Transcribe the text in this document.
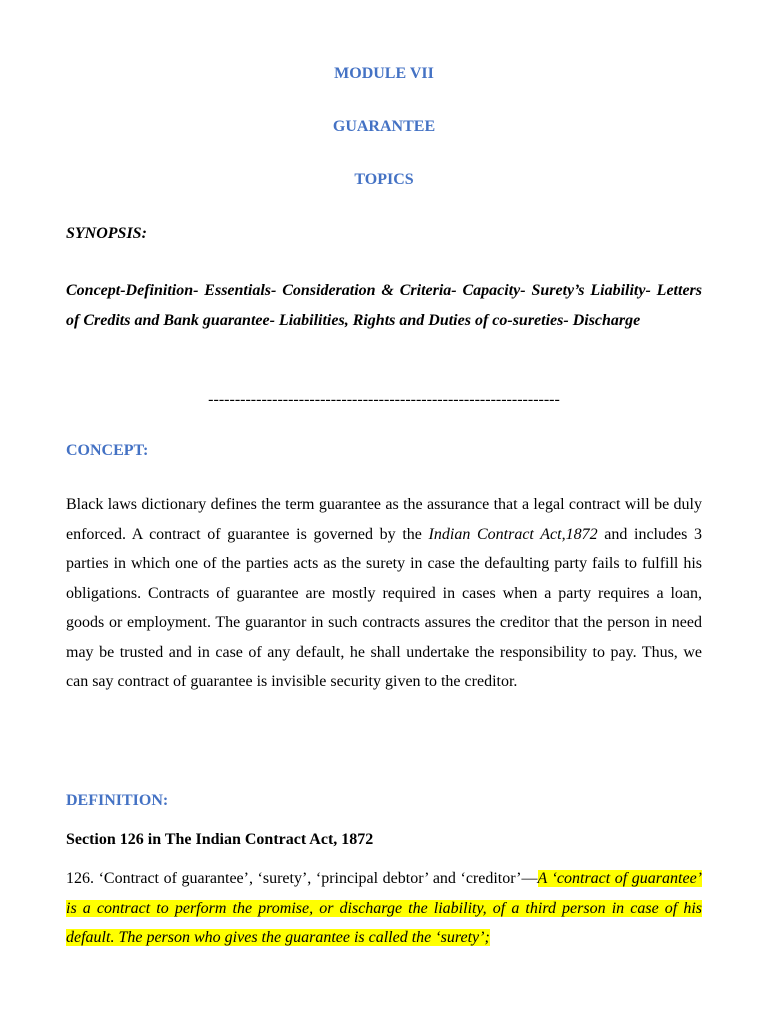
MODULE VII
GUARANTEE
TOPICS
SYNOPSIS:
Concept-Definition- Essentials- Consideration & Criteria- Capacity- Surety’s Liability- Letters of Credits and Bank guarantee- Liabilities, Rights and Duties of co-sureties- Discharge
------------------------------------------------------------------
CONCEPT:
Black laws dictionary defines the term guarantee as the assurance that a legal contract will be duly enforced. A contract of guarantee is governed by the Indian Contract Act,1872 and includes 3 parties in which one of the parties acts as the surety in case the defaulting party fails to fulfill his obligations. Contracts of guarantee are mostly required in cases when a party requires a loan, goods or employment. The guarantor in such contracts assures the creditor that the person in need may be trusted and in case of any default, he shall undertake the responsibility to pay. Thus, we can say contract of guarantee is invisible security given to the creditor.
DEFINITION:
Section 126 in The Indian Contract Act, 1872
126. ‘Contract of guarantee’, ‘surety’, ‘principal debtor’ and ‘creditor’—A ‘contract of guarantee’ is a contract to perform the promise, or discharge the liability, of a third person in case of his default. The person who gives the guarantee is called the ‘surety’;
